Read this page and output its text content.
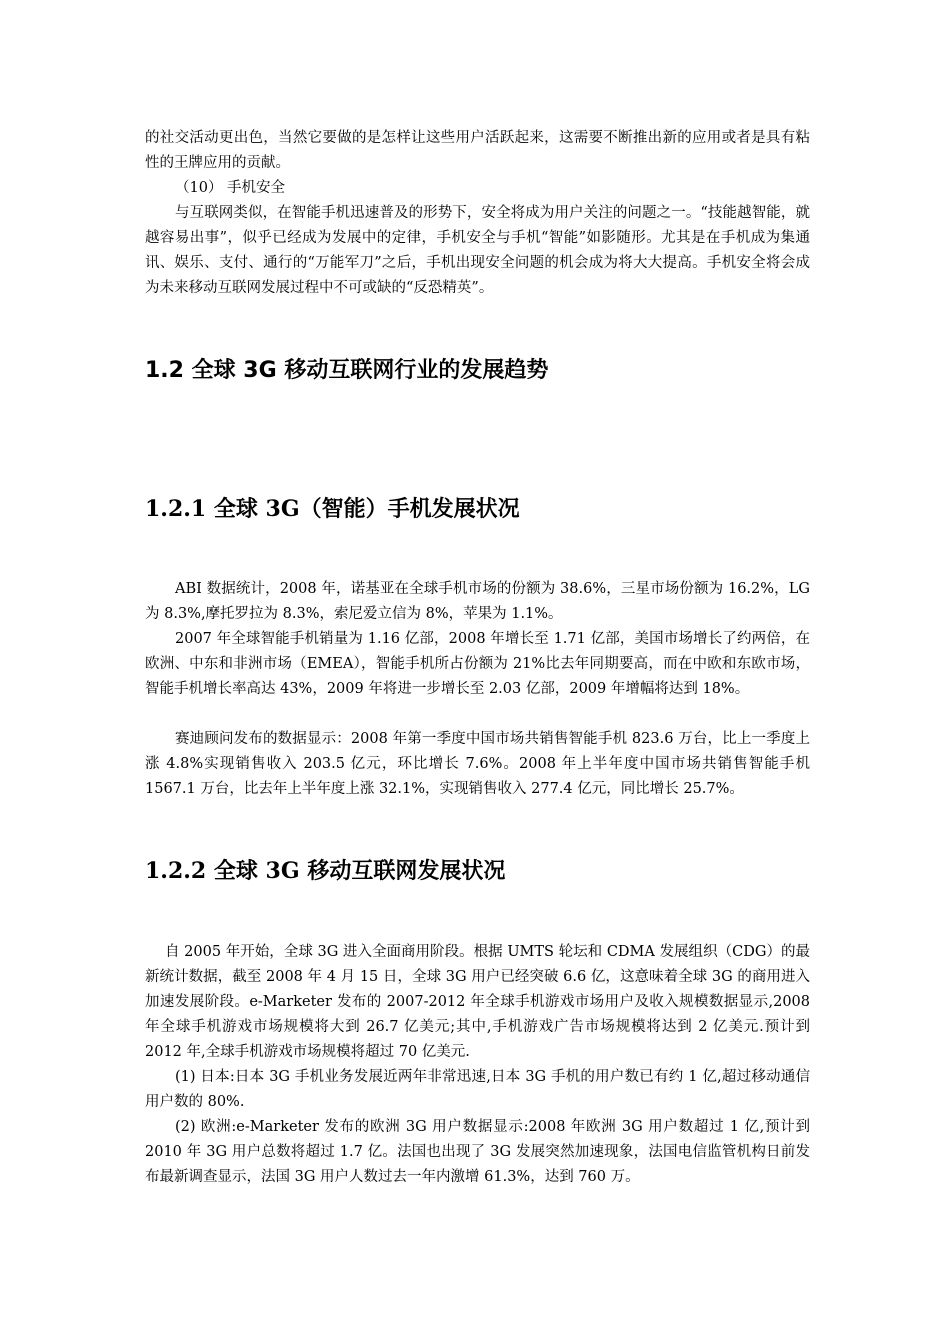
的社交活动更出色，当然它要做的是怎样让这些用户活跃起来，这需要不断推出新的应用或者是具有粘性的王牌应用的贡献。

（10） 手机安全

与互联网类似，在智能手机迅速普及的形势下，安全将成为用户关注的问题之一。“技能越智能，就越容易出事”，似乎已经成为发展中的定律，手机安全与手机“智能”如影随形。尤其是在手机成为集通讯、娱乐、支付、通行的“万能军刀”之后，手机出现安全问题的机会成为将大大提高。手机安全将会成为未来移动互联网发展过程中不可或缺的“反恐精英”。

1.2 全球 3G 移动互联网行业的发展趋势
1.2.1 全球 3G（智能）手机发展状况

ABI 数据统计，2008 年，诺基亚在全球手机市场的份额为 38.6%，三星市场份额为 16.2%，LG 为 8.3%,摩托罗拉为 8.3%，索尼爱立信为 8%，苹果为 1.1%。

2007 年全球智能手机销量为 1.16 亿部，2008 年增长至 1.71 亿部，美国市场增长了约两倍，在欧洲、中东和非洲市场（EMEA），智能手机所占份额为 21%比去年同期要高，而在中欧和东欧市场，智能手机增长率高达 43%，2009 年将进一步增长至 2.03 亿部，2009 年增幅将达到 18%。

赛迪顾问发布的数据显示：2008 年第一季度中国市场共销售智能手机 823.6 万台，比上一季度上涨 4.8%实现销售收入 203.5 亿元，环比增长 7.6%。2008 年上半年度中国市场共销售智能手机 1567.1 万台，比去年上半年度上涨 32.1%，实现销售收入 277.4 亿元，同比增长 25.7%。

1.2.2 全球 3G 移动互联网发展状况

自 2005 年开始，全球 3G 进入全面商用阶段。根据 UMTS 轮坛和 CDMA 发展组织（CDG）的最新统计数据，截至 2008 年 4 月 15 日，全球 3G 用户已经突破 6.6 亿，这意味着全球 3G 的商用进入加速发展阶段。e-Marketer 发布的 2007-2012 年全球手机游戏市场用户及收入规模数据显示,2008 年全球手机游戏市场规模将大到 26.7 亿美元;其中,手机游戏广告市场规模将达到 2 亿美元.预计到 2012 年,全球手机游戏市场规模将超过 70 亿美元.

(1) 日本:日本 3G 手机业务发展近两年非常迅速,日本 3G 手机的用户数已有约 1 亿,超过移动通信用户数的 80%.

(2) 欧洲:e-Marketer 发布的欧洲 3G 用户数据显示:2008 年欧洲 3G 用户数超过 1 亿,预计到 2010 年 3G 用户总数将超过 1.7 亿。法国也出现了 3G 发展突然加速现象，法国电信监管机构日前发布最新调查显示，法国 3G 用户人数过去一年内激增 61.3%，达到 760 万。
